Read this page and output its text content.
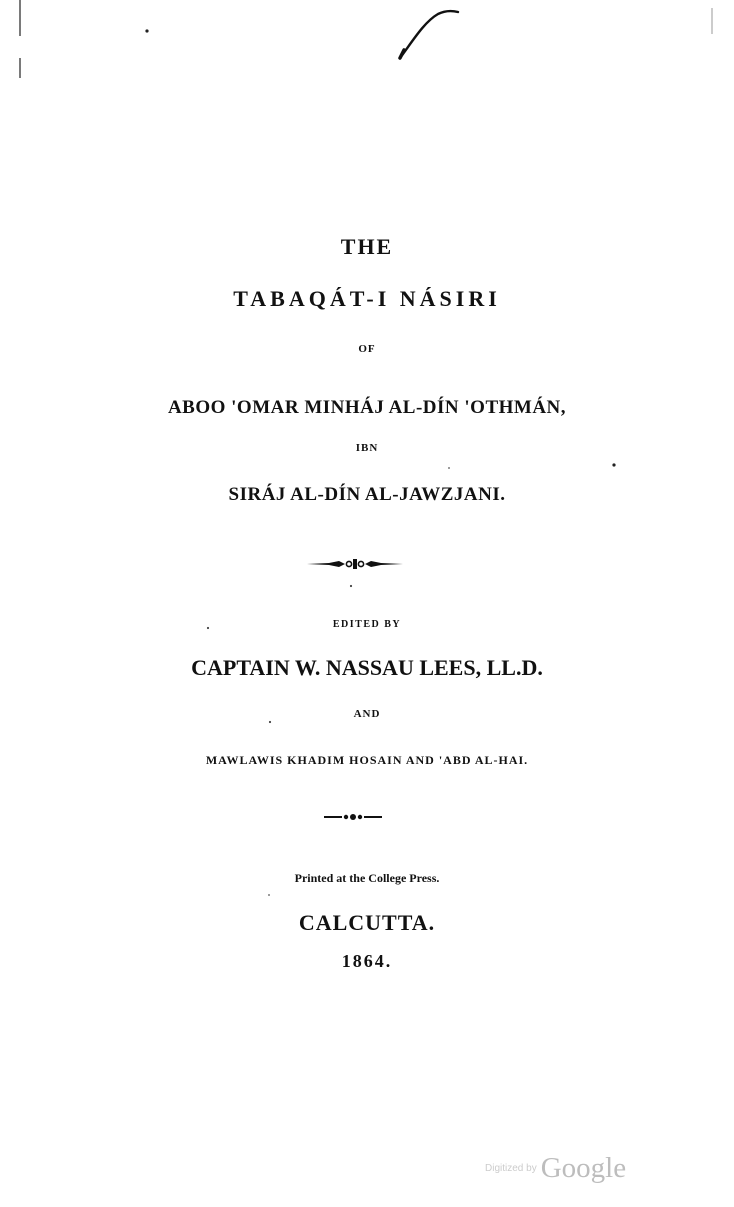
THE
TABAQÁT-I NÁSIRI
OF
ABOO 'OMAR MINHÁJ AL-DÍN 'OTHMÁN,
IBN
SIRÁJ AL-DÍN AL-JAWZJANI.
EDITED BY
CAPTAIN W. NASSAU LEES, LL.D.
AND
MAWLAWIS KHADIM HOSAIN AND 'ABD AL-HAI.
Printed at the College Press.
CALCUTTA.
1864.
Digitized by Google
